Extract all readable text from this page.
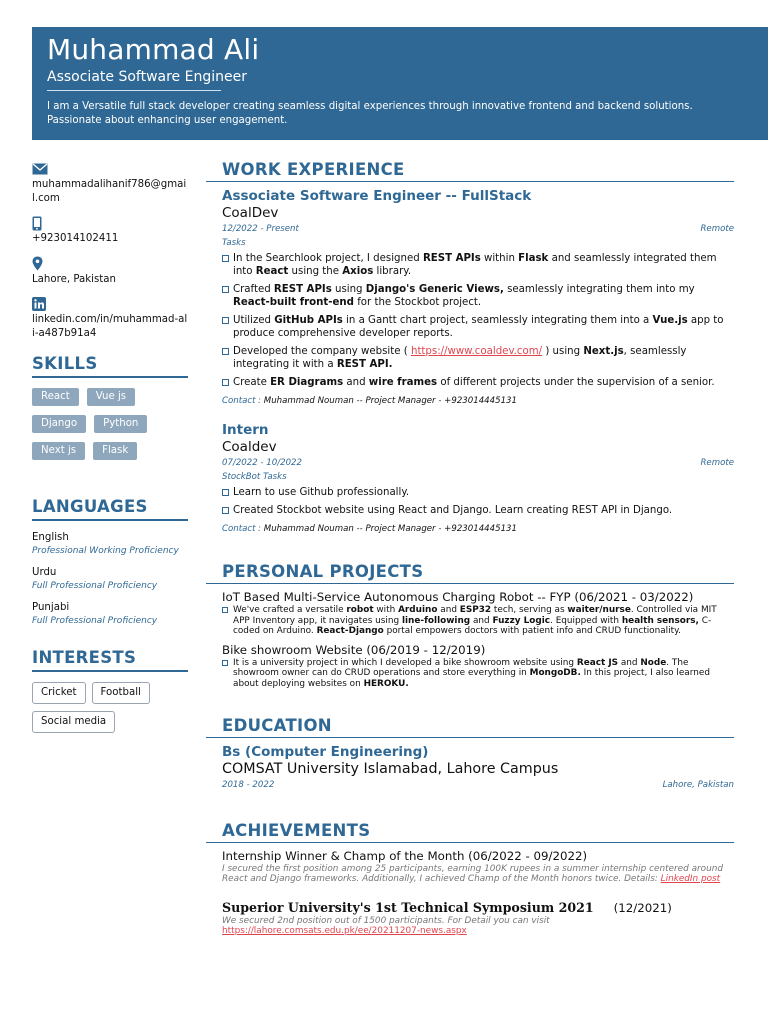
Muhammad Ali
Associate Software Engineer
I am a Versatile full stack developer creating seamless digital experiences through innovative frontend and backend solutions. Passionate about enhancing user engagement.
muhammadalihanif786@gmail.com
+923014102411
Lahore, Pakistan
linkedin.com/in/muhammad-ali-a487b91a4
SKILLS
React	Vue js
Django	Python
Next js	Flask
LANGUAGES
English
Professional Working Proficiency
Urdu
Full Professional Proficiency
Punjabi
Full Professional Proficiency
INTERESTS
Cricket	Football
Social media
WORK EXPERIENCE
Associate Software Engineer -- FullStack
CoalDev
12/2022 - Present	Remote
Tasks
In the Searchlook project, I designed REST APIs within Flask and seamlessly integrated them into React using the Axios library.
Crafted REST APIs using Django's Generic Views, seamlessly integrating them into my React-built front-end for the Stockbot project.
Utilized GitHub APIs in a Gantt chart project, seamlessly integrating them into a Vue.js app to produce comprehensive developer reports.
Developed the company website ( https://www.coaldev.com/ ) using Next.js, seamlessly integrating it with a REST API.
Create ER Diagrams and wire frames of different projects under the supervision of a senior.
Contact : Muhammad Nouman -- Project Manager - +923014445131
Intern
Coaldev
07/2022 - 10/2022	Remote
StockBot Tasks
Learn to use Github professionally.
Created Stockbot website using React and Django. Learn creating REST API in Django.
Contact : Muhammad Nouman -- Project Manager - +923014445131
PERSONAL PROJECTS
IoT Based Multi-Service Autonomous Charging Robot -- FYP (06/2021 - 03/2022)
We've crafted a versatile robot with Arduino and ESP32 tech, serving as waiter/nurse. Controlled via MIT APP Inventory app, it navigates using line-following and Fuzzy Logic. Equipped with health sensors, C-coded on Arduino. React-Django portal empowers doctors with patient info and CRUD functionality.
Bike showroom Website (06/2019 - 12/2019)
It is a university project in which I developed a bike showroom website using React JS and Node. The showroom owner can do CRUD operations and store everything in MongoDB. In this project, I also learned about deploying websites on HEROKU.
EDUCATION
Bs (Computer Engineering)
COMSAT University Islamabad, Lahore Campus
2018 - 2022	Lahore, Pakistan
ACHIEVEMENTS
Internship Winner & Champ of the Month (06/2022 - 09/2022)
I secured the first position among 25 participants, earning 100K rupees in a summer internship centered around React and Django frameworks. Additionally, I achieved Champ of the Month honors twice. Details: LinkedIn post
Superior University's 1st Technical Symposium 2021 (12/2021)
We secured 2nd position out of 1500 participants. For Detail you can visit
https://lahore.comsats.edu.pk/ee/20211207-news.aspx
